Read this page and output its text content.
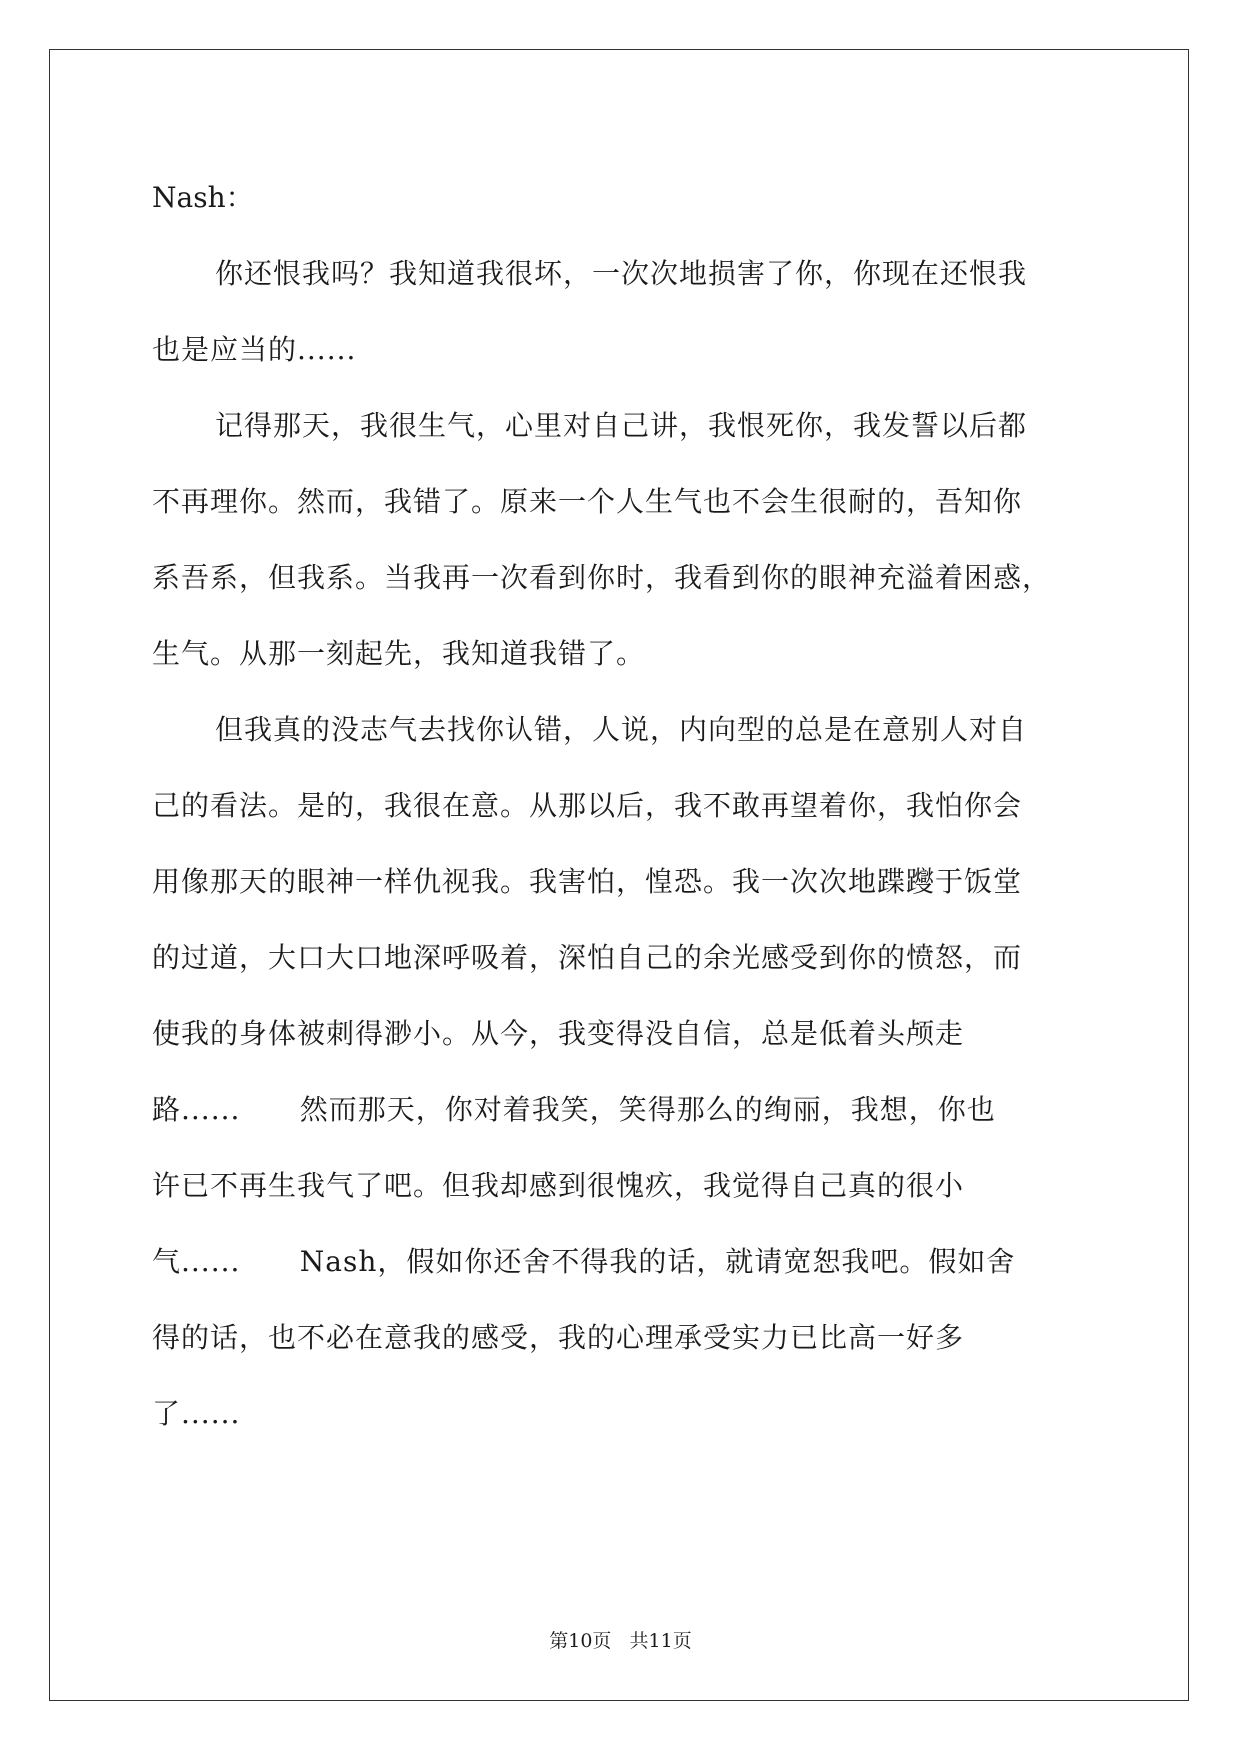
Nash：

你还恨我吗？我知道我很坏，一次次地损害了你，你现在还恨我

也是应当的......

记得那天，我很生气，心里对自己讲，我恨死你，我发誓以后都

不再理你。然而，我错了。原来一个人生气也不会生很耐的，吾知你

系吾系，但我系。当我再一次看到你时，我看到你的眼神充溢着困惑，

生气。从那一刻起先，我知道我错了。

但我真的没志气去找你认错，人说，内向型的总是在意别人对自

己的看法。是的，我很在意。从那以后，我不敢再望着你，我怕你会

用像那天的眼神一样仇视我。我害怕，惶恐。我一次次地蹀躞于饭堂

的过道，大口大口地深呼吸着，深怕自己的余光感受到你的愤怒，而

使我的身体被刺得渺小。从今，我变得没自信，总是低着头颅走

路......      然而那天，你对着我笑，笑得那么的绚丽，我想，你也

许已不再生我气了吧。但我却感到很愧疚，我觉得自己真的很小

气......      Nash，假如你还舍不得我的话，就请宽恕我吧。假如舍

得的话，也不必在意我的感受，我的心理承受实力已比高一好多

了......

第10页   共11页
